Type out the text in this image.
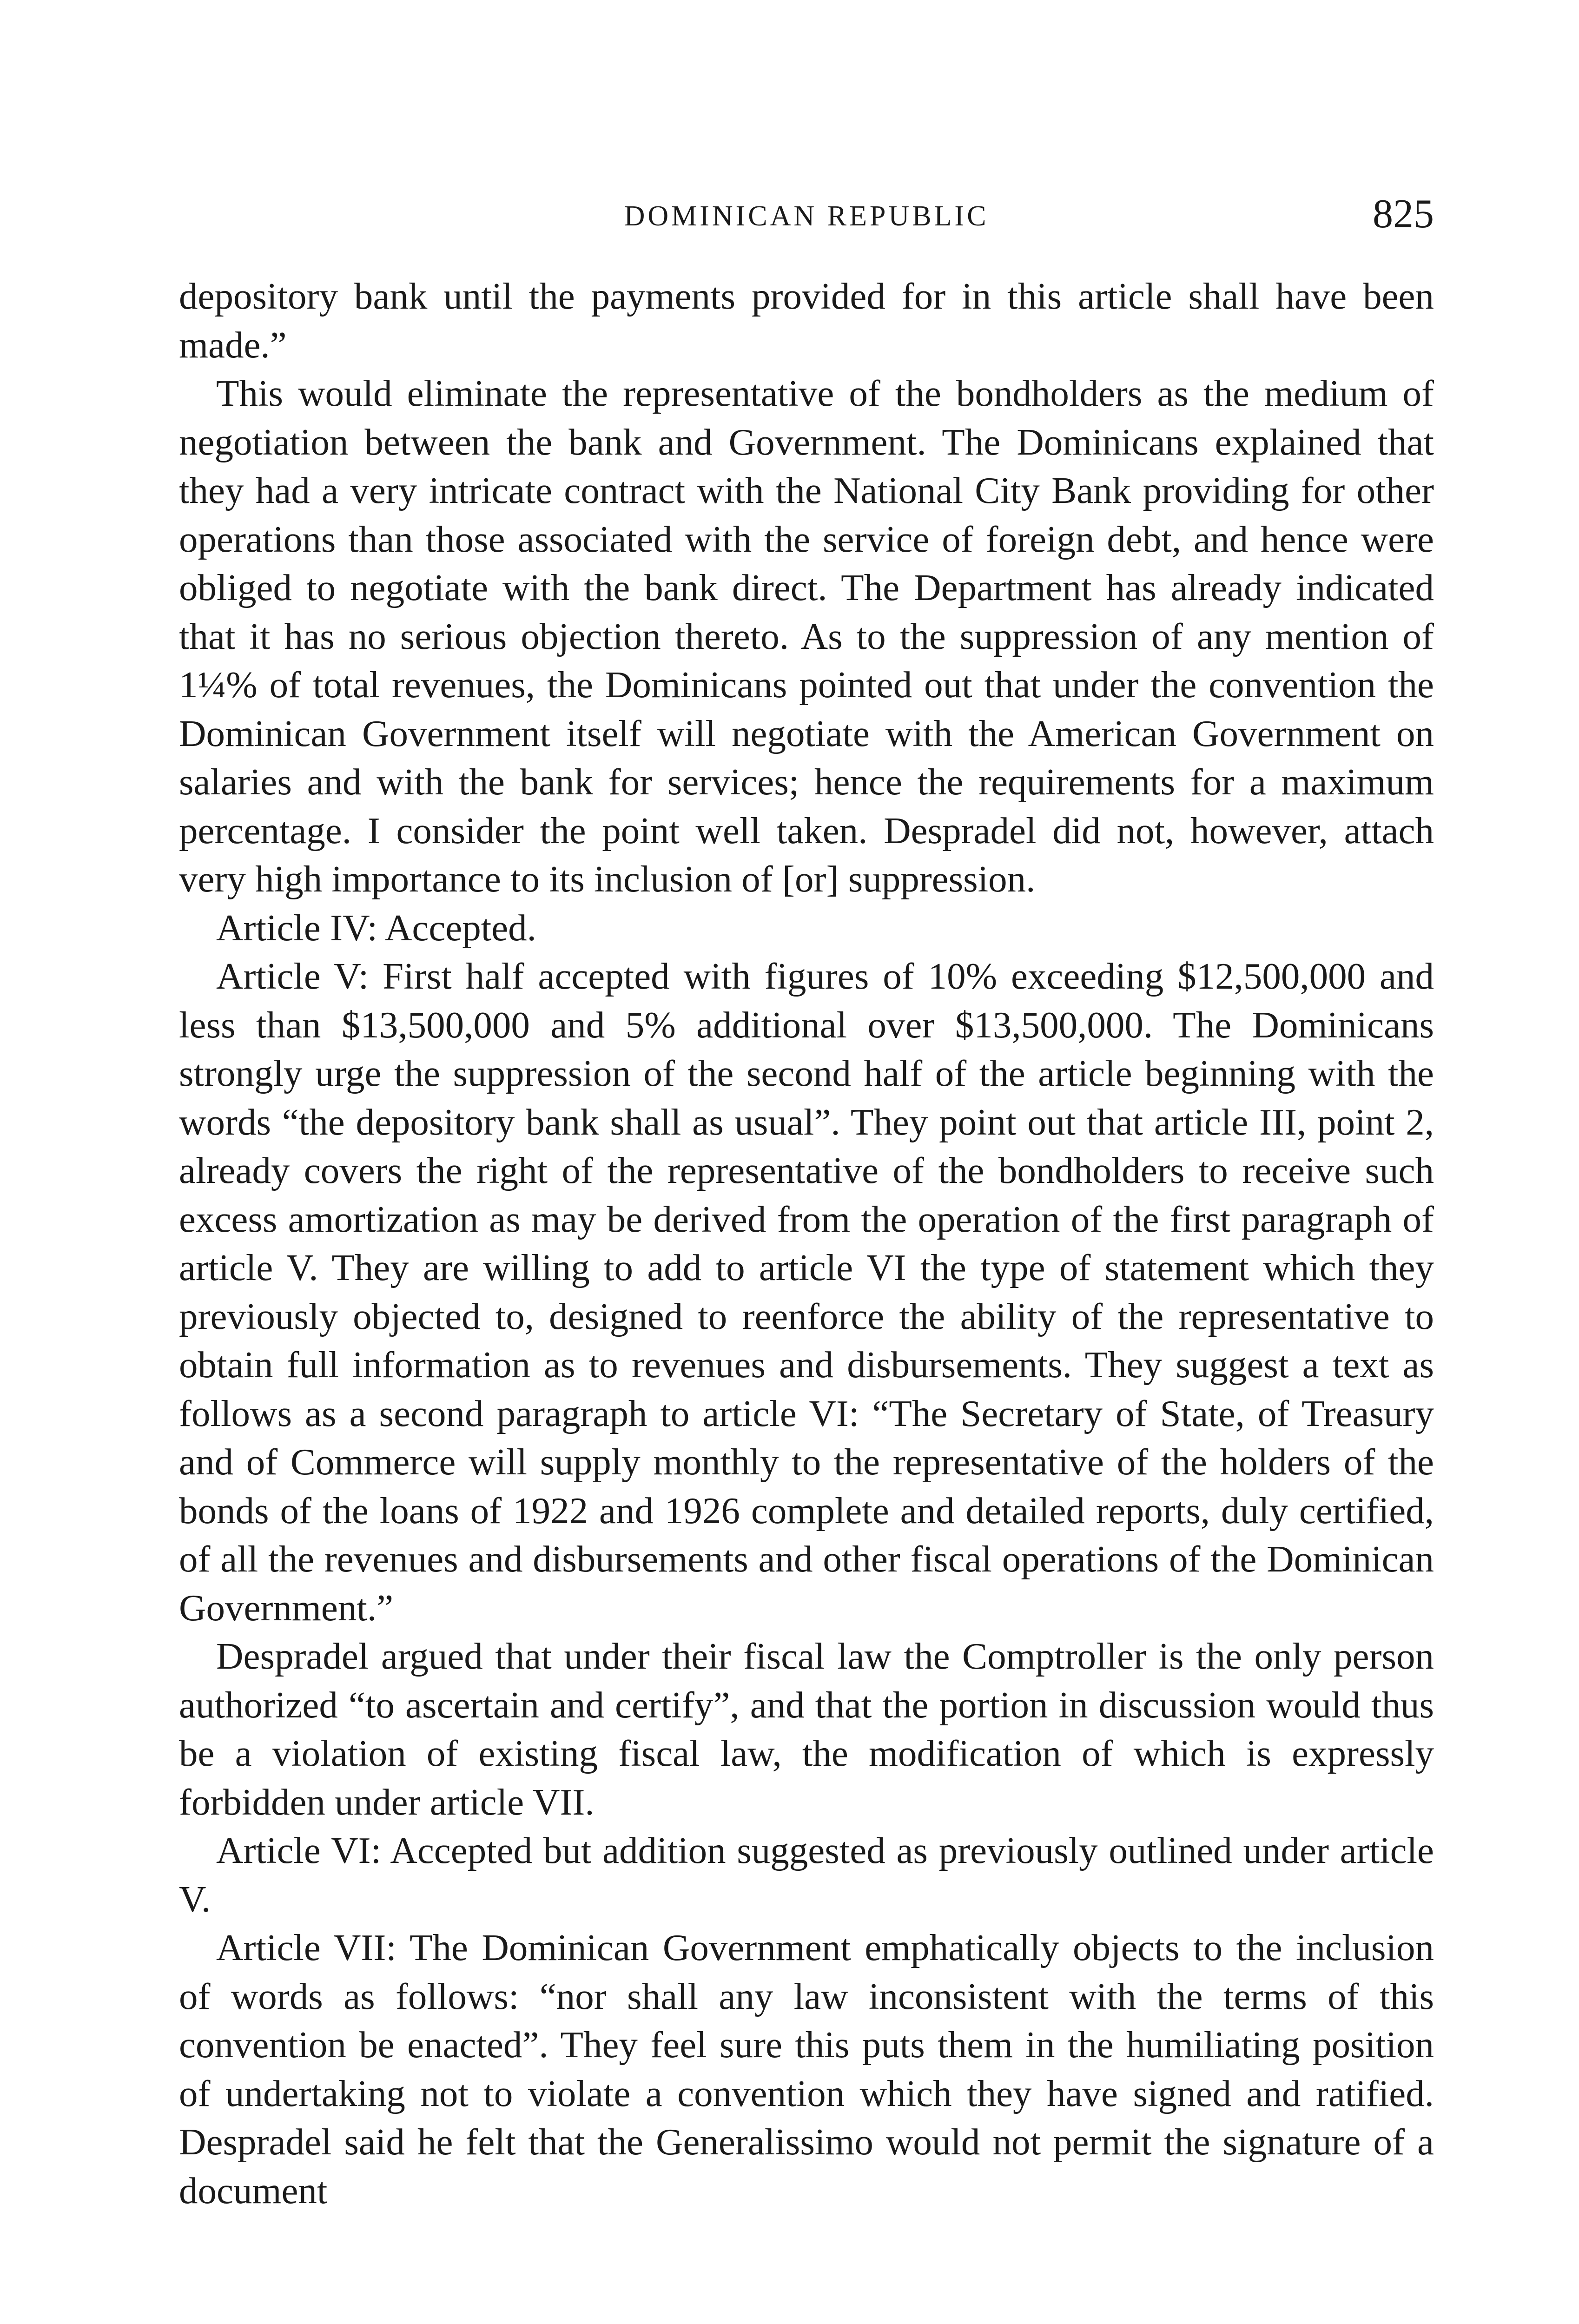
DOMINICAN REPUBLIC	825

depository bank until the payments provided for in this article shall have been made.”

This would eliminate the representative of the bondholders as the medium of negotiation between the bank and Government. The Dominicans explained that they had a very intricate contract with the National City Bank providing for other operations than those associated with the service of foreign debt, and hence were obliged to negotiate with the bank direct. The Department has already indicated that it has no serious objection thereto. As to the suppression of any mention of 1¼% of total revenues, the Dominicans pointed out that under the convention the Dominican Government itself will negotiate with the American Government on salaries and with the bank for services; hence the requirements for a maximum percentage. I consider the point well taken. Despradel did not, however, attach very high importance to its inclusion of [or] suppression.

Article IV: Accepted.

Article V: First half accepted with figures of 10% exceeding $12,500,000 and less than $13,500,000 and 5% additional over $13,500,000. The Dominicans strongly urge the suppression of the second half of the article beginning with the words “the depository bank shall as usual”. They point out that article III, point 2, already covers the right of the representative of the bondholders to receive such excess amortization as may be derived from the operation of the first paragraph of article V. They are willing to add to article VI the type of statement which they previously objected to, designed to reenforce the ability of the representative to obtain full information as to revenues and disbursements. They suggest a text as follows as a second paragraph to article VI: “The Secretary of State, of Treasury and of Commerce will supply monthly to the representative of the holders of the bonds of the loans of 1922 and 1926 complete and detailed reports, duly certified, of all the revenues and disbursements and other fiscal operations of the Dominican Government.”

Despradel argued that under their fiscal law the Comptroller is the only person authorized “to ascertain and certify”, and that the portion in discussion would thus be a violation of existing fiscal law, the modification of which is expressly forbidden under article VII.

Article VI: Accepted but addition suggested as previously outlined under article V.

Article VII: The Dominican Government emphatically objects to the inclusion of words as follows: “nor shall any law inconsistent with the terms of this convention be enacted”. They feel sure this puts them in the humiliating position of undertaking not to violate a convention which they have signed and ratified. Despradel said he felt that the Generalissimo would not permit the signature of a document
